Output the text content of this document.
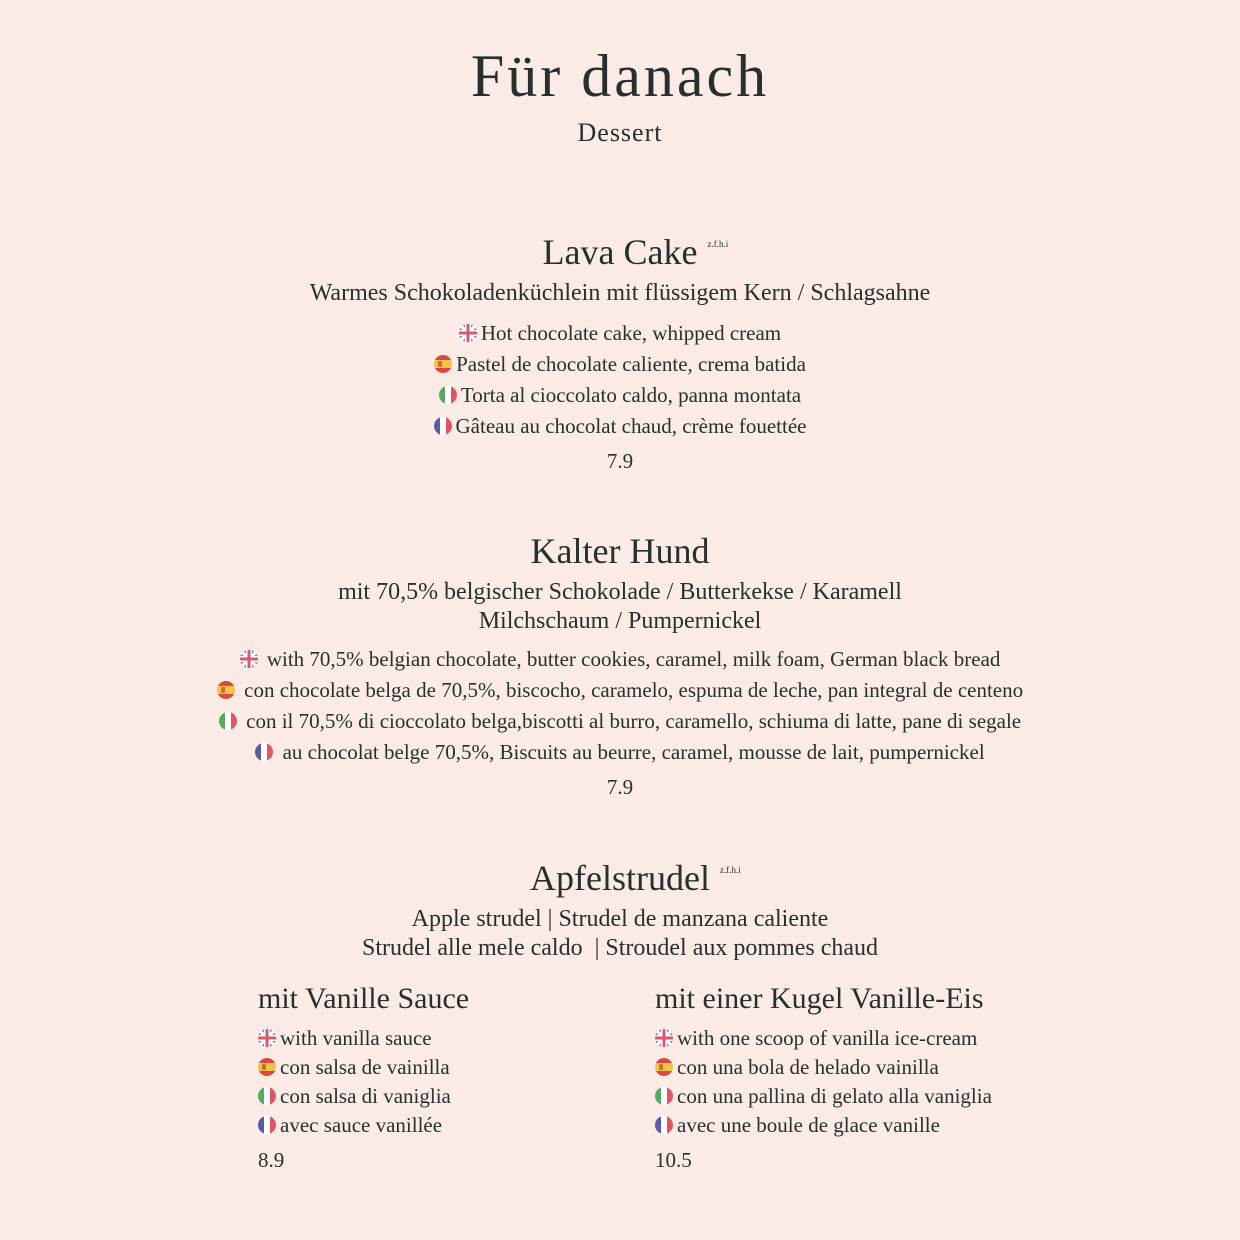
Für danach
Dessert
Lava Cake z.f.h.i
Warmes Schokoladenküchlein mit flüssigem Kern / Schlagsahne
Hot chocolate cake, whipped cream
Pastel de chocolate caliente, crema batida
Torta al cioccolato caldo, panna montata
Gâteau au chocolat chaud, crème fouettée
7.9
Kalter Hund
mit 70,5% belgischer Schokolade / Butterkekse / Karamell
Milchschaum / Pumpernickel
with 70,5% belgian chocolate, butter cookies, caramel, milk foam, German black bread
con chocolate belga de 70,5%, biscocho, caramelo, espuma de leche, pan integral de centeno
con il 70,5% di cioccolato belga,biscotti al burro, caramello, schiuma di latte, pane di segale
au chocolat belge 70,5%, Biscuits au beurre, caramel, mousse de lait, pumpernickel
7.9
Apfelstrudel z.f.h.i
Apple strudel | Strudel de manzana caliente
Strudel alle mele caldo  | Stroudel aux pommes chaud
mit Vanille Sauce
with vanilla sauce
con salsa de vainilla
con salsa di vaniglia
avec sauce vanillée
8.9
mit einer Kugel Vanille-Eis
with one scoop of vanilla ice-cream
con una bola de helado vainilla
con una pallina di gelato alla vaniglia
avec une boule de glace vanille
10.5
